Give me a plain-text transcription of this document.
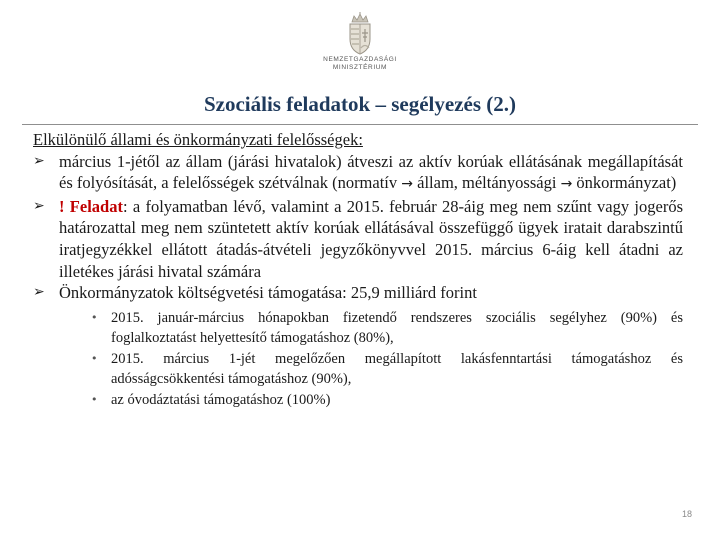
NEMZETGAZDASÁGI
MINISZTÉRIUM
Szociális feladatok – segélyezés (2.)
Elkülönülő állami és önkormányzati felelősségek:
➢ március 1-jétől az állam (járási hivatalok) átveszi az aktív korúak ellátásának megállapítását és folyósítását, a felelősségek szétválnak (normatív → állam, méltányossági → önkormányzat)
➢ ! Feladat: a folyamatban lévő, valamint a 2015. február 28-áig meg nem szűnt vagy jogerős határozattal meg nem szüntetett aktív korúak ellátásával összefüggő ügyek iratait darabszintű iratjegyzékkel ellátott átadás-átvételi jegyzőkönyvvel 2015. március 6-áig kell átadni az illetékes járási hivatal számára
➢ Önkormányzatok költségvetési támogatása: 25,9 milliárd forint
• 2015. január-március hónapokban fizetendő rendszeres szociális segélyhez (90%) és foglalkoztatást helyettesítő támogatáshoz (80%),
• 2015. március 1-jét megelőzően megállapított lakásfenntartási támogatáshoz és adósságcsökkentési támogatáshoz (90%),
• az óvodáztatási támogatáshoz (100%)
18
